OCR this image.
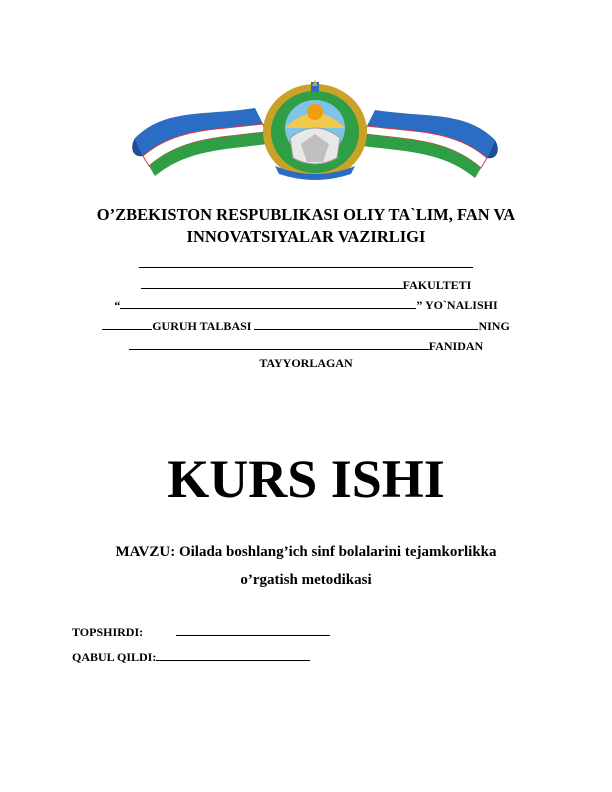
O’ZBEKISTON RESPUBLIKASI OLIY TA`LIM, FAN VA
INNOVATSIYALAR VAZIRLIGI
FAKULTETI
“	” YO`NALISHI
GURUH TALBASI	NING
FANIDAN
TAYYORLAGAN
KURS ISHI
MAVZU: Oilada boshlang’ich sinf bolalarini tejamkorlikka
o’rgatish metodikasi
TOPSHIRDI:
QABUL QILDI:
